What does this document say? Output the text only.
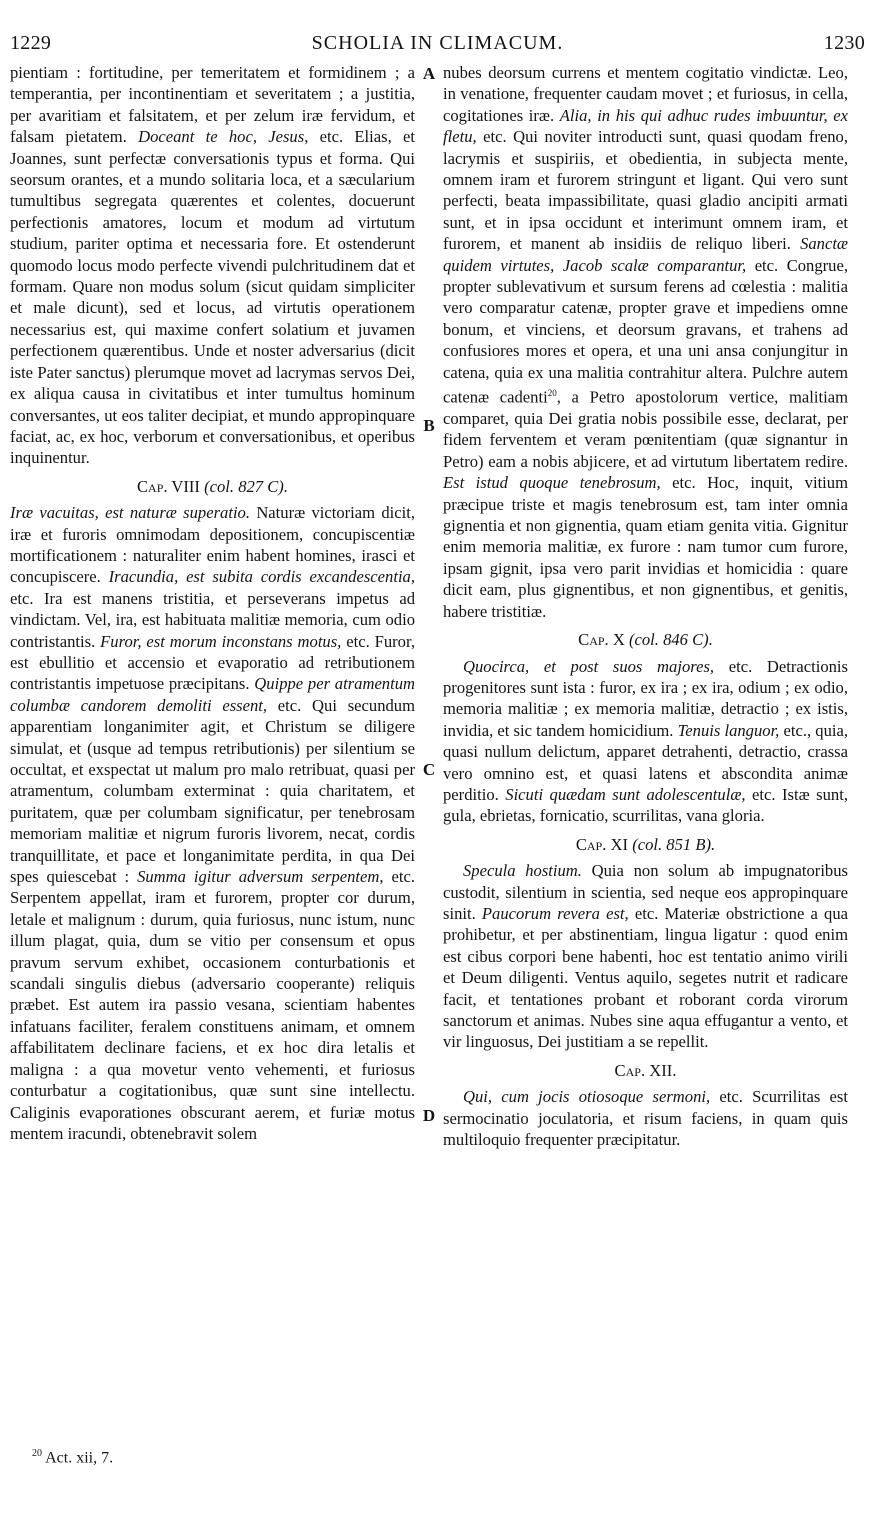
1229	SCHOLIA IN CLIMACUM.	1230
A
B
C
D

pientiam : fortitudine, per temeritatem et formidinem ; a temperantia, per incontinentiam et severitatem ; a justitia, per avaritiam et falsitatem, et per zelum iræ fervidum, et falsam pietatem. Doceant te hoc, Jesus, etc. Elias, et Joannes, sunt perfectæ conversationis typus et forma. Qui seorsum orantes, et a mundo solitaria loca, et a sæcularium tumultibus segregata quærentes et colentes, docuerunt perfectionis amatores, locum et modum ad virtutum studium, pariter optima et necessaria fore. Et ostenderunt quomodo locus modo perfecte vivendi pulchritudinem dat et formam. Quare non modus solum (sicut quidam simpliciter et male dicunt), sed et locus, ad virtutis operationem necessarius est, qui maxime confert solatium et juvamen perfectionem quærentibus. Unde et noster adversarius (dicit iste Pater sanctus) plerumque movet ad lacrymas servos Dei, ex aliqua causa in civitatibus et inter tumultus hominum conversantes, ut eos taliter decipiat, et mundo appropinquare faciat, ac, ex hoc, verborum et conversationibus, et operibus inquinentur.

Cap. VIII (col. 827 C).

Iræ vacuitas, est naturæ superatio. Naturæ victoriam dicit, iræ et furoris omnimodam depositionem, concupiscentiæ mortificationem : naturaliter enim habent homines, irasci et concupiscere. Iracundia, est subita cordis excandescentia, etc. Ira est manens tristitia, et perseverans impetus ad vindictam. Vel, ira, est habituata malitiæ memoria, cum odio contristantis. Furor, est morum inconstans motus, etc. Furor, est ebullitio et accensio et evaporatio ad retributionem contristantis impetuose præcipitans. Quippe per atramentum columbæ candorem demoliti essent, etc. Qui secundum apparentiam longanimiter agit, et Christum se diligere simulat, et (usque ad tempus retributionis) per silentium se occultat, et exspectat ut malum pro malo retribuat, quasi per atramentum, columbam exterminat : quia charitatem, et puritatem, quæ per columbam significatur, per tenebrosam memoriam malitiæ et nigrum furoris livorem, necat, cordis tranquillitate, et pace et longanimitate perdita, in qua Dei spes quiescebat : Summa igitur adversum serpentem, etc. Serpentem appellat, iram et furorem, propter cor durum, letale et malignum : durum, quia furiosus, nunc istum, nunc illum plagat, quia, dum se vitio per consensum et opus pravum servum exhibet, occasionem conturbationis et scandali singulis diebus (adversario cooperante) reliquis præbet. Est autem ira passio vesana, scientiam habentes infatuans faciliter, feralem constituens animam, et omnem affabilitatem declinare faciens, et ex hoc dira letalis et maligna : a qua movetur vento vehementi, et furiosus conturbatur a cogitationibus, quæ sunt sine intellectu. Caliginis evaporationes obscurant aerem, et furiæ motus mentem iracundi, obtenebravit solem

nubes deorsum currens et mentem cogitatio vindictæ. Leo, in venatione, frequenter caudam movet ; et furiosus, in cella, cogitationes iræ. Alia, in his qui adhuc rudes imbuuntur, ex fletu, etc. Qui noviter introducti sunt, quasi quodam freno, lacrymis et suspiriis, et obedientia, in subjecta mente, omnem iram et furorem stringunt et ligant. Qui vero sunt perfecti, beata impassibilitate, quasi gladio ancipiti armati sunt, et in ipsa occidunt et interimunt omnem iram, et furorem, et manent ab insidiis de reliquo liberi. Sanctæ quidem virtutes, Jacob scalæ comparantur, etc. Congrue, propter sublevativum et sursum ferens ad cœlestia : malitia vero comparatur catenæ, propter grave et impediens omne bonum, et vinciens, et deorsum gravans, et trahens ad confusiores mores et opera, et una uni ansa conjungitur in catena, quia ex una malitia contrahitur altera. Pulchre autem catenæ cadenti$^{20}$, a Petro apostolorum vertice, malitiam comparet, quia Dei gratia nobis possibile esse, declarat, per fidem ferventem et veram pœnitentiam (quæ signantur in Petro) eam a nobis abjicere, et ad virtutum libertatem redire. Est istud quoque tenebrosum, etc. Hoc, inquit, vitium præcipue triste et magis tenebrosum est, tam inter omnia gignentia et non gignentia, quam etiam genita vitia. Gignitur enim memoria malitiæ, ex furore : nam tumor cum furore, ipsam gignit, ipsa vero parit invidias et homicidia : quare dicit eam, plus gignentibus, et non gignentibus, et genitis, habere tristitiæ.

Cap. X (col. 846 C).

Quocirca, et post suos majores, etc. Detractionis progenitores sunt ista : furor, ex ira ; ex ira, odium ; ex odio, memoria malitiæ ; ex memoria malitiæ, detractio ; ex istis, invidia, et sic tandem homicidium. Tenuis languor, etc., quia, quasi nullum delictum, apparet detrahenti, detractio, crassa vero omnino est, et quasi latens et abscondita animæ perditio. Sicuti quædam sunt adolescentulæ, etc. Istæ sunt, gula, ebrietas, fornicatio, scurrilitas, vana gloria.

Cap. XI (col. 851 B).

Specula hostium. Quia non solum ab impugnatoribus custodit, silentium in scientia, sed neque eos appropinquare sinit. Paucorum revera est, etc. Materiæ obstrictione a qua prohibetur, et per abstinentiam, lingua ligatur : quod enim est cibus corpori bene habenti, hoc est tentatio animo virili et Deum diligenti. Ventus aquilo, segetes nutrit et radicare facit, et tentationes probant et roborant corda virorum sanctorum et animas. Nubes sine aqua effugantur a vento, et vir linguosus, Dei justitiam a se repellit.

Cap. XII.

Qui, cum jocis otiosoque sermoni, etc. Scurrilitas est sermocinatio joculatoria, et risum faciens, in quam quis multiloquio frequenter præcipitatur.

$^{20}$ Act. xii, 7.
